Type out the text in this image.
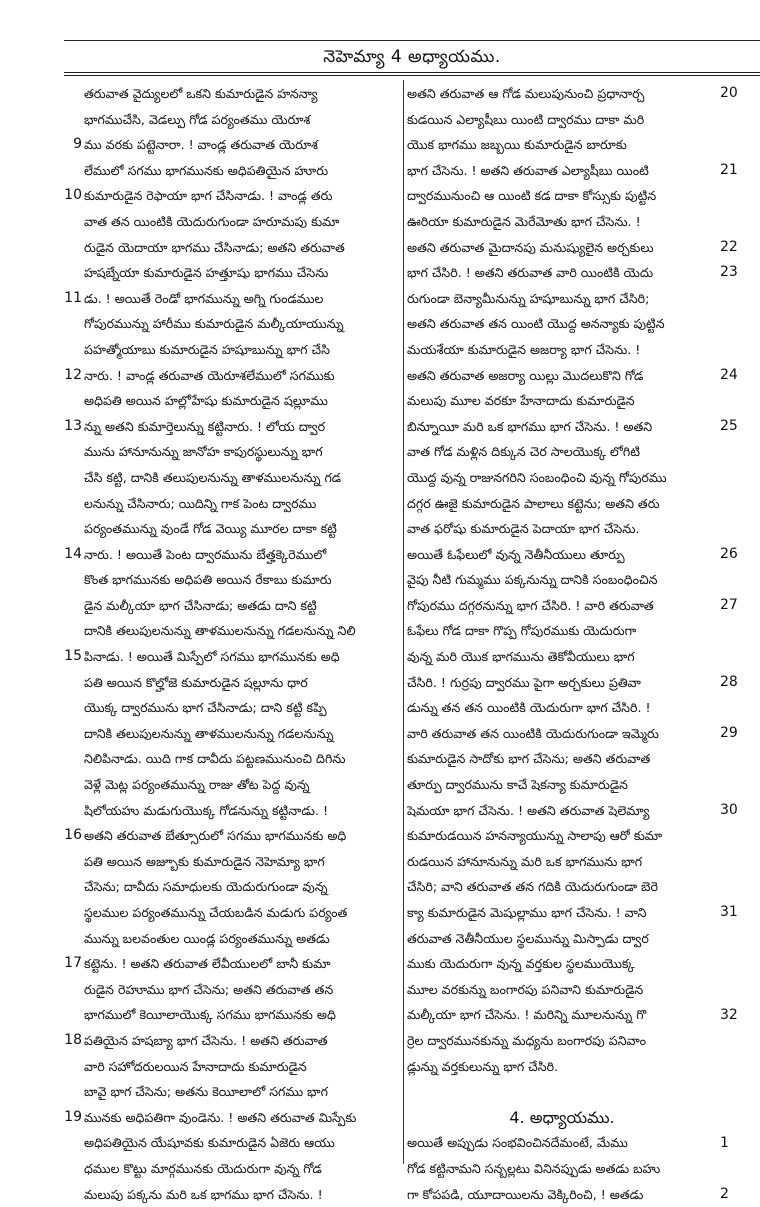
నెహెమ్యా 4 అధ్యాయము.
తరువాత వైద్యులలో ఒకని కుమారుడైన హనన్యా
భాగముచేసి, వెడల్పు గోడ పర్యంతము యెరూశ
ము వరకు పట్టెనారా. ! వాండ్ల తరువాత యెరూశ
లేములో సగము భాగమునకు అధిపతియైన హూరు
కుమారుడైన రెఫాయా భాగ చేసినాడు. ! వాండ్ల తరు
వాత తన యింటికి యెదురుగుండా హరూమపు కుమా
రుడైన యెదాయా భాగము చేసినాడు; అతని తరువాత
హషబ్నేయా కుమారుడైన హత్తూషు భాగము చేసెను
డు. ! అయితే రెండో భాగమున్ను అగ్ని గుండముల
గోపురమున్ను హారీము కుమారుడైన మల్కీయాయున్ను
పహత్మోయాబు కుమారుడైన హషూబున్ను భాగ చేసి
నారు. ! వాండ్ల తరువాత యెరూశలేములో సగముకు
అధిపతి అయిన హల్లోహేషు కుమారుడైన షల్లూము
న్ను అతని కుమార్తెలున్ను కట్టినారు. ! లోయ ద్వార
మును హానూనున్ను జానోహ కాపురస్థులున్ను భాగ
చేసి కట్టి, దానికి తలుపులనున్ను తాళములనున్ను గడ
లనున్ను చేసినారు; యిదిన్ని గాక పెంట ద్వారము
పర్యంతమున్ను వుండే గోడ వెయ్యి మూరల దాకా కట్టి
నారు. ! అయితే పెంట ద్వారమును బేత్హక్కెరెములో
కొంత భాగమునకు అధిపతి అయిన రేకాబు కుమారు
డైన మల్కీయా భాగ చేసినాడు; అతడు దాని కట్టి
దానికి తలుపులనున్ను తాళములనున్ను గడలనున్ను నిలి
పినాడు. ! అయితే మిస్పేలో సగము భాగమునకు అధి
పతి అయిన కొల్హోజె కుమారుడైన షల్లూను ధార
యొక్క ద్వారమును భాగ చేసినాడు; దాని కట్టి కప్పి
దానికి తలుపులనున్ను తాళములనున్ను గడలనున్ను
నిలిపినాడు. యిది గాక దావీదు పట్టణమునుంచి దిగిను
వెళ్లే మెట్ల పర్యంతమున్ను రాజు తోట పెద్ద వున్న
షిలోయహు మడుగుయొక్క గోడనున్ను కట్టినాడు. !
అతని తరువాత బేత్సూరులో సగము భాగమునకు అధి
పతి అయిన అజ్బూకు కుమారుడైన నెహెమ్యా భాగ
చేసెను; దావీదు సమాధులకు యెదురుగుండా వున్న
స్థలముల పర్యంతమున్ను చేయబడిన మడుగు పర్యంత
మున్ను బలవంతుల యిండ్ల పర్యంతమున్ను అతడు
కట్టెను. ! అతని తరువాత లేవీయులలో బానీ కుమా
రుడైన రెహూము భాగ చేసెను; అతని తరువాత తన
భాగములో కెయీలాయొక్క సగము భాగమునకు అధి
పతియైన హషబ్యా భాగ చేసెను. ! అతని తరువాత
వారి సహోదరులయిన హేనాదాదు కుమారుడైన
బావై భాగ చేసెను; అతను కెయీలాలో సగము భాగ
మునకు అధిపతిగా వుండెను. ! అతని తరువాత మిస్పేకు
అధిపతియైన యేషూవకు కుమారుడైన ఏజెరు ఆయు
ధముల కొట్టు మార్గమునకు యెదురుగా వున్న గోడ
మలుపు పక్కను మరి ఒక భాగము భాగ చేసెను. !
9
10
11
12
13
14
15
16
17
18
19
అతని తరువాత ఆ గోడ మలుపునుంచి ప్రధానార్చ
కుడయిన ఎల్యాషీబు యింటి ద్వారము దాకా మరి
యొక భాగము జబ్బయి కుమారుడైన బారూకు
భాగ చేసెను. ! అతని తరువాత ఎల్యాషీబు యింటి
ద్వారమునుంచి ఆ యింటి కడ దాకా కోస్సుకు పుట్టిన
ఊరియా కుమారుడైన మెరేమోతు భాగ చేసెను. !
అతని తరువాత మైదానపు మనుష్యులైన అర్చకులు
భాగ చేసిరి. ! అతని తరువాత వారి యింటికి యెదు
రుగుండా బెన్యామీనున్ను హషూబున్ను భాగ చేసిరి;
అతని తరువాత తన యింటి యొద్ద అనన్యాకు పుట్టిన
మయశేయా కుమారుడైన అజర్యా భాగ చేసెను. !
అతని తరువాత అజర్యా యిల్లు మొదలుకొని గోడ
మలుపు మూల వరకూ హేనాదాదు కుమారుడైన
బిన్నూయీ మరి ఒక భాగము భాగ చేసెను. ! అతని
వాత గోడ మళ్లిన దిక్కున చెర సాలయొక్క లోగిటి
యొద్ద వున్న రాజునగరిని సంబంధించి వున్న గోపురము
దగ్గర ఊజై కుమారుడైన పాలాలు కట్టెను; అతని తరు
వాత ఫరోషు కుమారుడైన పెదాయా భాగ చేసెను.
అయితే ఓఫేలులో వున్న నెతీనీయులు తూర్పు
వైపు నీటి గుమ్మము పక్కనున్ను దానికి సంబంధించిన
గోపురము దగ్గరనున్ను భాగ చేసిరి. ! వారి తరువాత
ఓఫేలు గోడ దాకా గొప్ప గోపురముకు యెదురుగా
వున్న మరి యొక భాగమును తెకోవీయులు భాగ
చేసిరి. ! గుర్రపు ద్వారము పైగా అర్చకులు ప్రతివా
డున్ను తన తన యింటికి యెదురుగా భాగ చేసిరి. !
వారి తరువాత తన యింటికి యెదురుగుండా ఇమ్మెరు
కుమారుడైన సాదోకు భాగ చేసెను; అతని తరువాత
తూర్పు ద్వారమును కాచే షెకన్యా కుమారుడైన
షెమయా భాగ చేసెను. ! అతని తరువాత షెలెమ్యా
కుమారుడయిన హనన్యాయున్ను సాలాపు ఆరో కుమా
రుడయిన హానూనున్ను మరి ఒక భాగమును భాగ
చేసిరి; వాని తరువాత తన గదికి యెదురుగుండా బెరె
క్యా కుమారుడైన మెషుల్లాము భాగ చేసెను. ! వాని
తరువాత నెతీనీయుల స్థలమున్ను మిస్పాడు ద్వార
ముకు యెదురుగా వున్న వర్తకుల స్థలముయొక్క
మూల వరకున్ను బంగారపు పనివాని కుమారుడైన
మల్కీయా భాగ చేసెను. ! మరిన్ని మూలనున్ను గొ
ర్రెల ద్వారమునకున్ను మధ్యను బంగారపు పనివాం
డ్లున్ను వర్తకులున్ను భాగ చేసిరి.
4. అధ్యాయము.
అయితే అప్పుడు సంభవించినదేమంటే, మేము
గోడ కట్టినామని సన్బల్లటు వినినప్పుడు అతడు బహు
గా కోపపడి, యూదాయిలను వెక్కిరించి, ! అతడు
20
21
22
23
24
25
26
27
28
29
30
31
32
1
2
